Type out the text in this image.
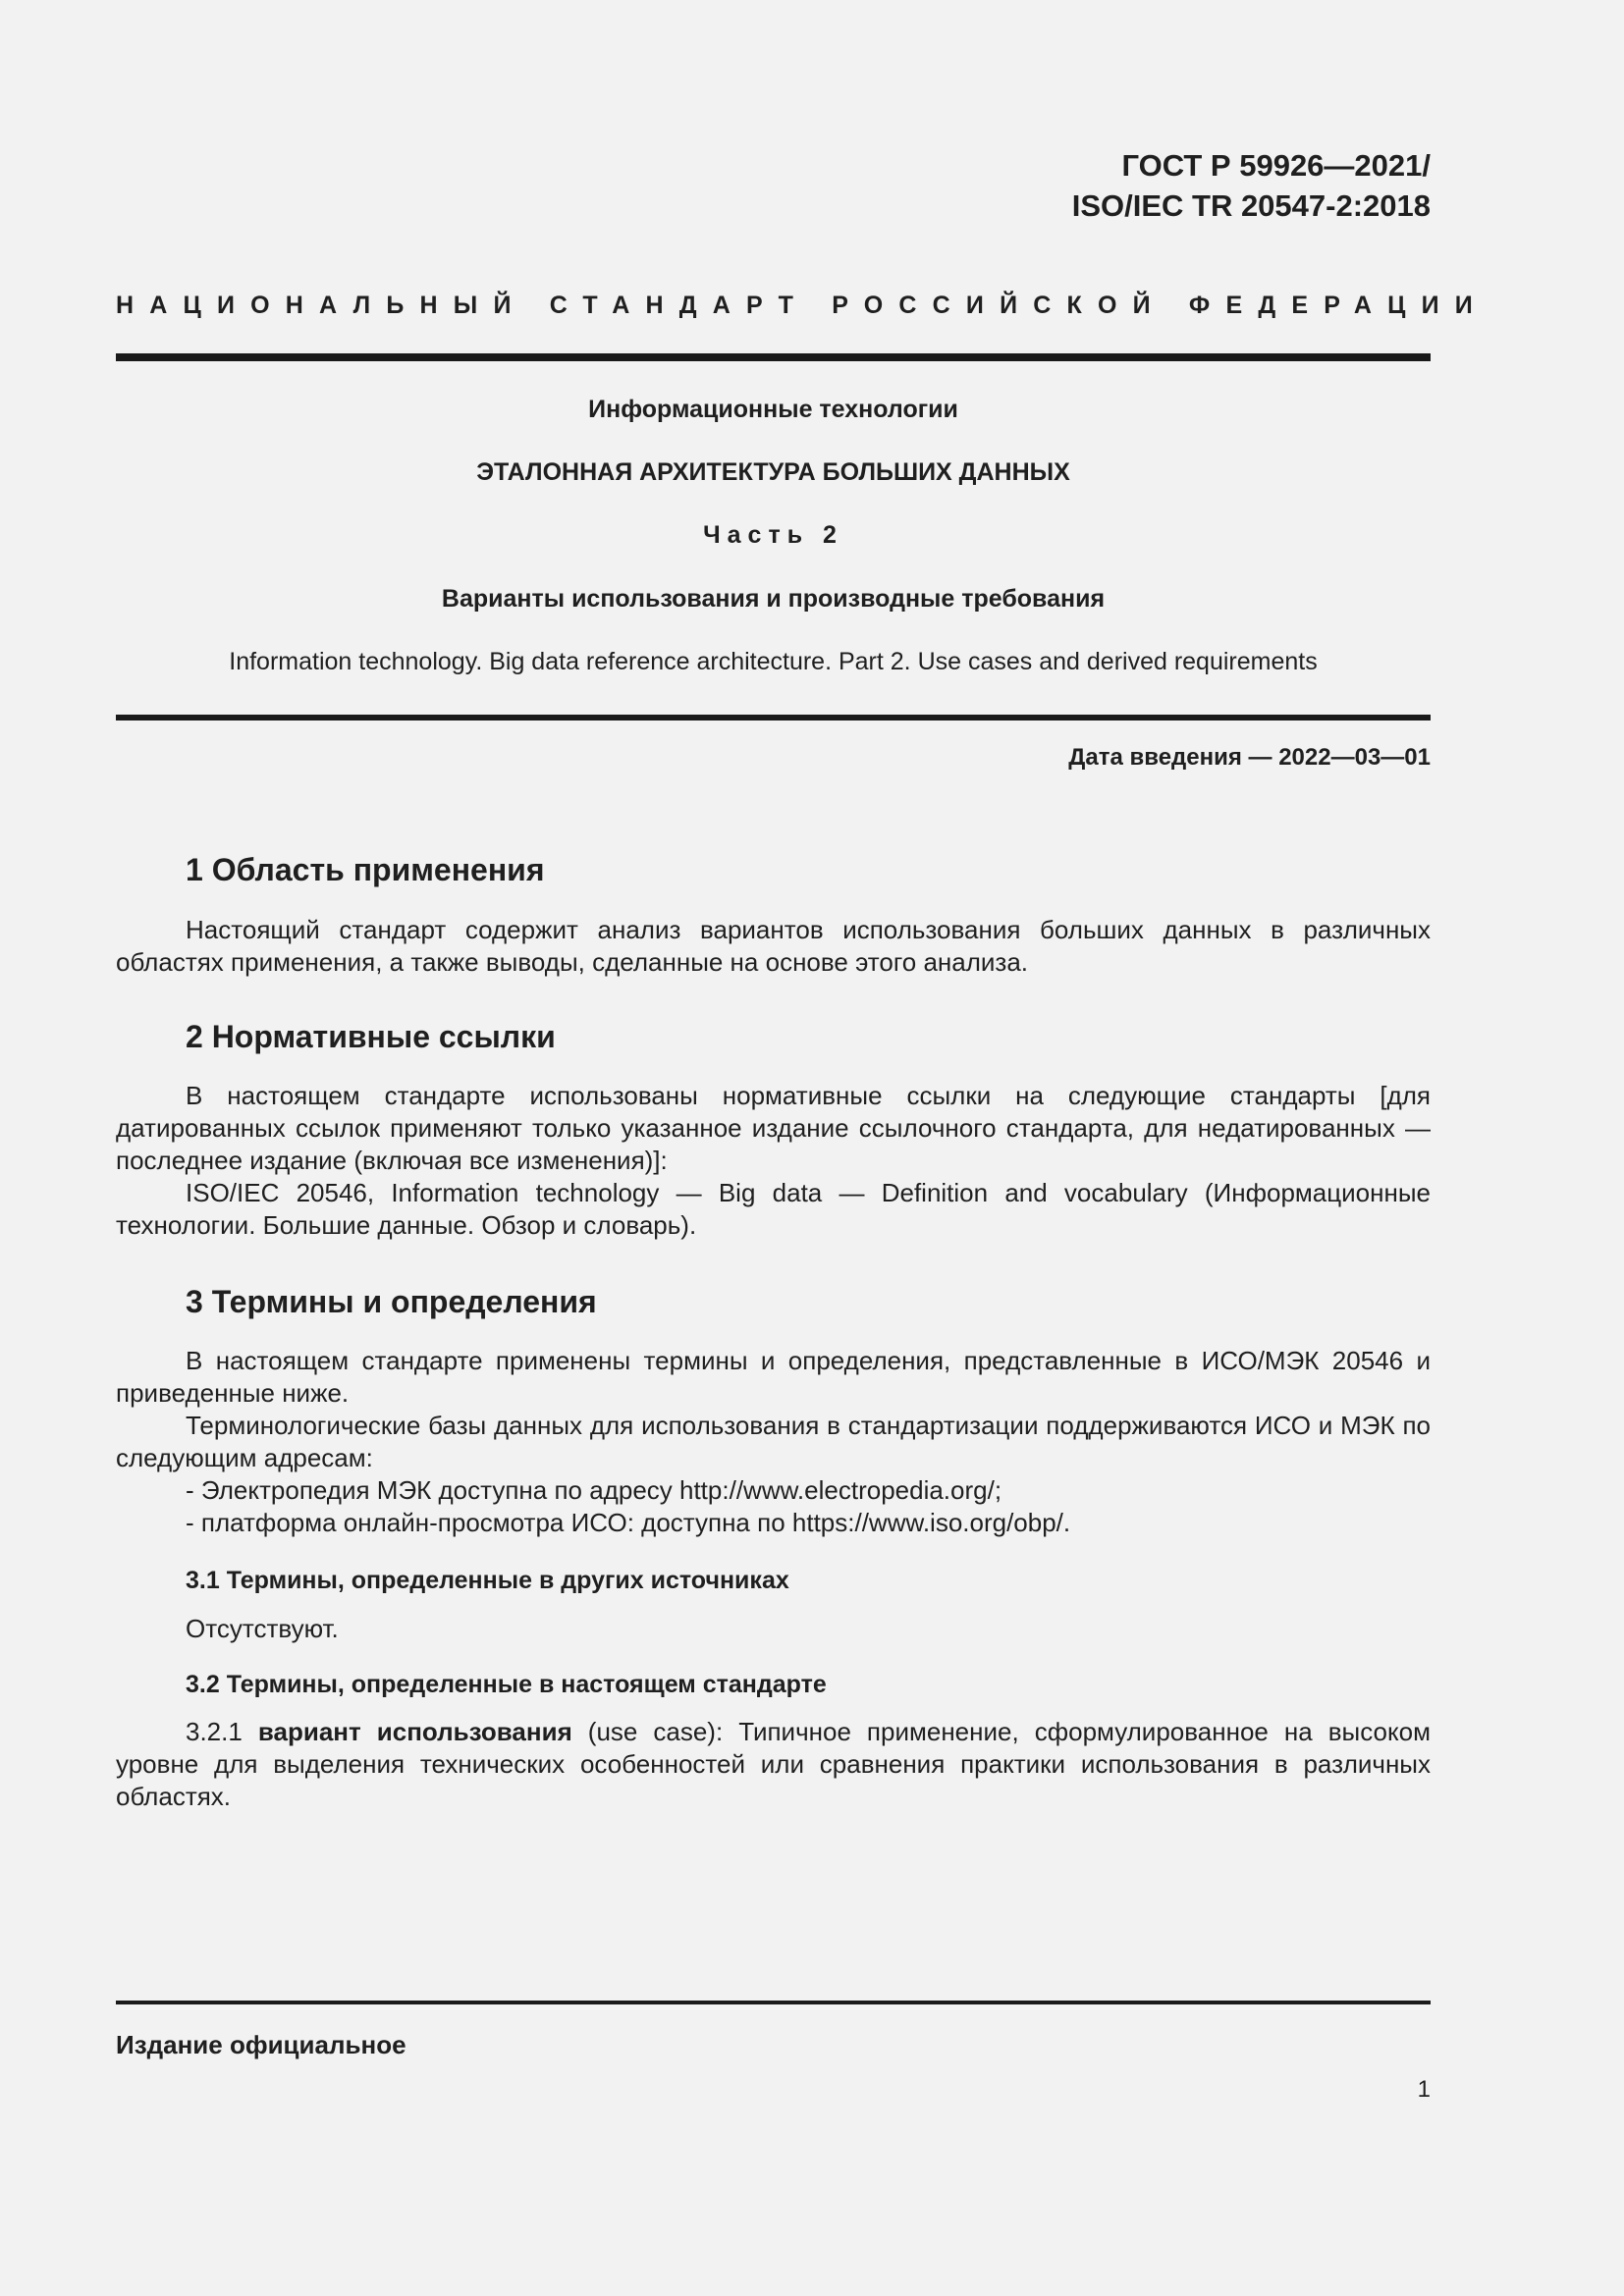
ГОСТ Р 59926—2021/
ISO/IEC TR 20547-2:2018
НАЦИОНАЛЬНЫЙ СТАНДАРТ РОССИЙСКОЙ ФЕДЕРАЦИИ
Информационные технологии
ЭТАЛОННАЯ АРХИТЕКТУРА БОЛЬШИХ ДАННЫХ
Часть 2
Варианты использования и производные требования
Information technology. Big data reference architecture. Part 2. Use cases and derived requirements
Дата введения — 2022—03—01
1 Область применения
Настоящий стандарт содержит анализ вариантов использования больших данных в различных областях применения, а также выводы, сделанные на основе этого анализа.
2 Нормативные ссылки
В настоящем стандарте использованы нормативные ссылки на следующие стандарты [для датированных ссылок применяют только указанное издание ссылочного стандарта, для недатированных — последнее издание (включая все изменения)]:
ISO/IEC 20546, Information technology — Big data — Definition and vocabulary (Информационные технологии. Большие данные. Обзор и словарь).
3 Термины и определения
В настоящем стандарте применены термины и определения, представленные в ИСО/МЭК 20546 и приведенные ниже.
Терминологические базы данных для использования в стандартизации поддерживаются ИСО и МЭК по следующим адресам:
- Электропедия МЭК доступна по адресу http://www.electropedia.org/;
- платформа онлайн-просмотра ИСО: доступна по https://www.iso.org/obp/.
3.1 Термины, определенные в других источниках
Отсутствуют.
3.2 Термины, определенные в настоящем стандарте
3.2.1 вариант использования (use case): Типичное применение, сформулированное на высоком уровне для выделения технических особенностей или сравнения практики использования в различных областях.
Издание официальное
1
